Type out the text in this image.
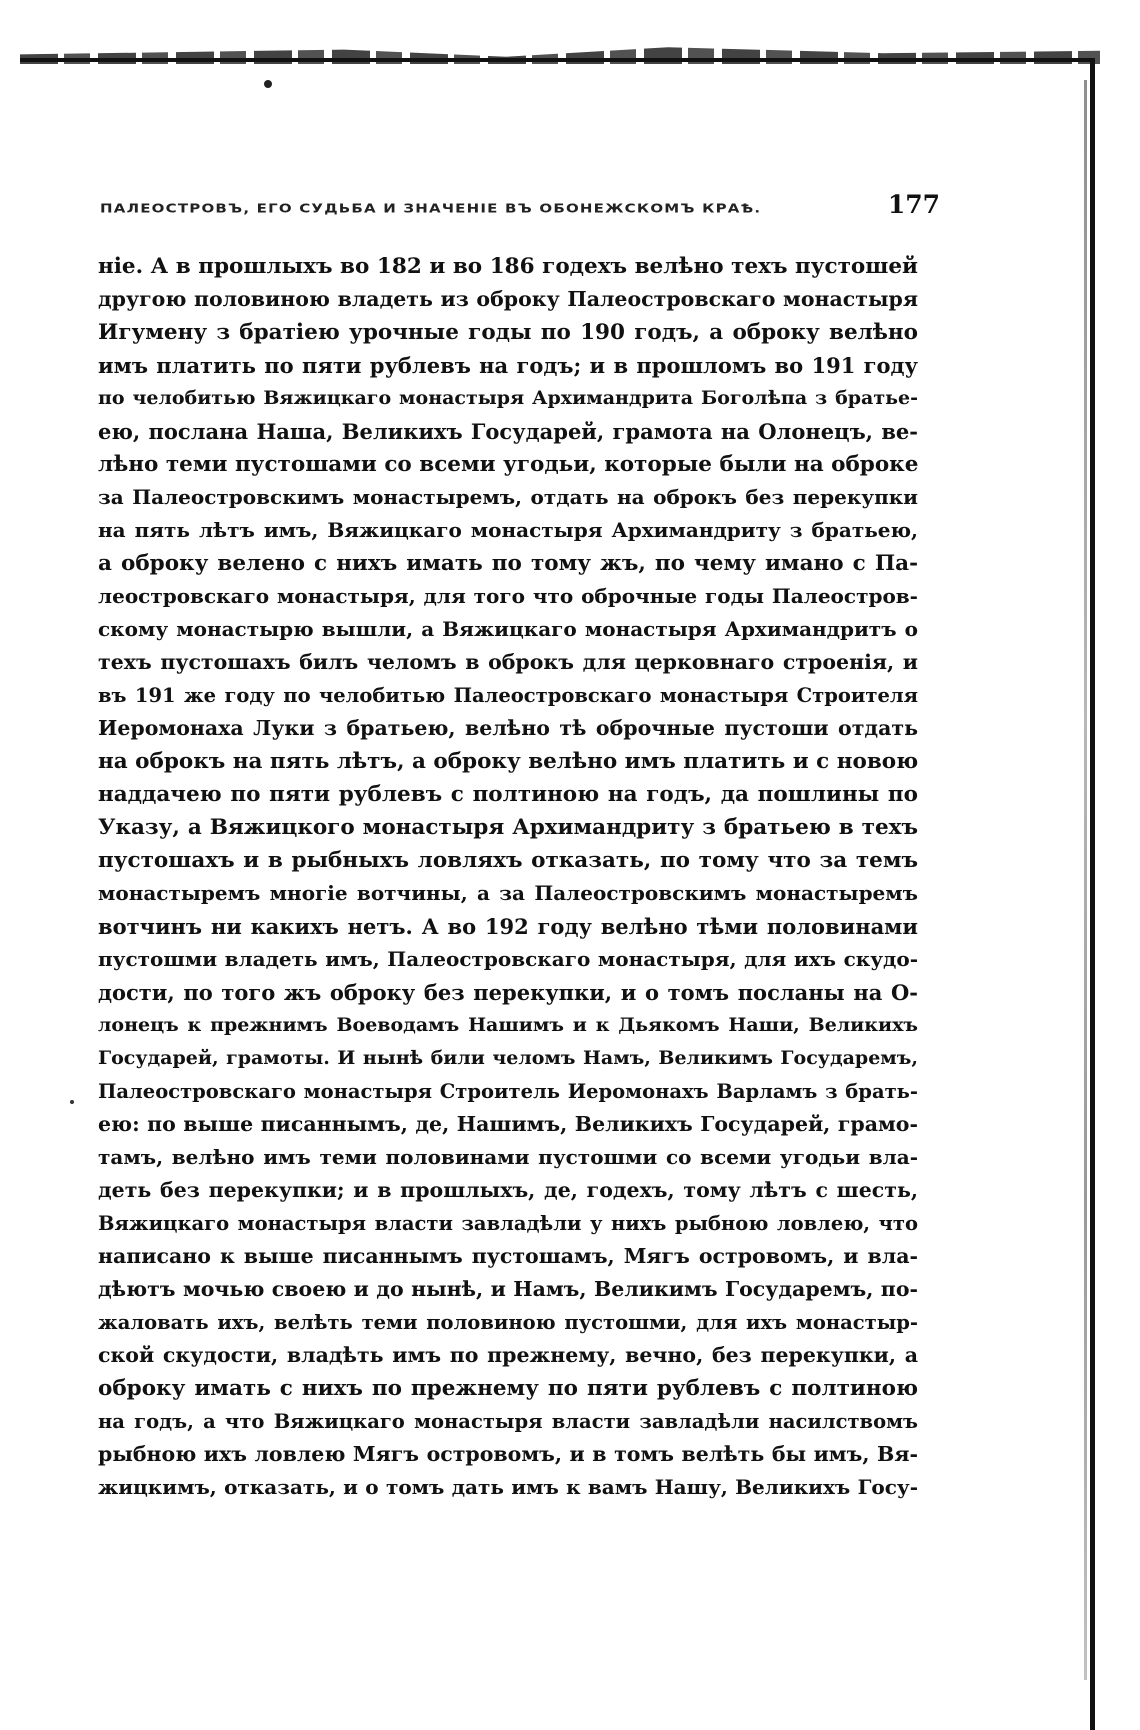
ПАЛЕОСТРОВЪ, ЕГО СУДЬБА И ЗНАЧЕНІЕ ВЪ ОБОНЕЖСКОМЪ КРАѢ.	177
ніе. А в прошлыхъ во 182 и во 186 годехъ велѣно техъ пустошей
другою половиною владеть из оброку Палеостровскаго монастыря
Игумену з братіею урочные годы по 190 годъ, а оброку велѣно
имъ платить по пяти рублевъ на годъ; и в прошломъ во 191 году
по челобитью Вяжицкаго монастыря Архимандрита Боголѣпа з братье-
ею, послана Наша, Великихъ Государей, грамота на Олонецъ, ве-
лѣно теми пустошами со всеми угодьи, которые были на оброке
за Палеостровскимъ монастыремъ, отдать на оброкъ без перекупки
на пять лѣтъ имъ, Вяжицкаго монастыря Архимандриту з братьею,
а оброку велено с нихъ имать по тому жъ, по чему имано с Па-
леостровскаго монастыря, для того что оброчные годы Палеостров-
скому монастырю вышли, а Вяжицкаго монастыря Архимандритъ о
техъ пустошахъ билъ челомъ в оброкъ для церковнаго строенія, и
въ 191 же году по челобитью Палеостровскаго монастыря Строителя
Иеромонаха Луки з братьею, велѣно тѣ оброчные пустоши отдать
на оброкъ на пять лѣтъ, а оброку велѣно имъ платить и с новою
наддачею по пяти рублевъ с полтиною на годъ, да пошлины по
Указу, а Вяжицкого монастыря Архимандриту з братьею в техъ
пустошахъ и в рыбныхъ ловляхъ отказать, по тому что за темъ
монастыремъ многіе вотчины, а за Палеостровскимъ монастыремъ
вотчинъ ни какихъ нетъ. А во 192 году велѣно тѣми половинами
пустошми владеть имъ, Палеостровскаго монастыря, для ихъ скудо-
дости, по того жъ оброку без перекупки, и о томъ посланы на О-
лонецъ к прежнимъ Воеводамъ Нашимъ и к Дьякомъ Наши, Великихъ
Государей, грамоты. И нынѣ били челомъ Намъ, Великимъ Государемъ,
Палеостровскаго монастыря Строитель Иеромонахъ Варламъ з брать-
ею: по выше писаннымъ, де, Нашимъ, Великихъ Государей, грамо-
тамъ, велѣно имъ теми половинами пустошми со всеми угодьи вла-
деть без перекупки; и в прошлыхъ, де, годехъ, тому лѣтъ с шесть,
Вяжицкаго монастыря власти завладѣли у нихъ рыбною ловлею, что
написано к выше писаннымъ пустошамъ, Мягъ островомъ, и вла-
дѣютъ мочью своею и до нынѣ, и Намъ, Великимъ Государемъ, по-
жаловать ихъ, велѣть теми половиною пустошми, для ихъ монастыр-
ской скудости, владѣть имъ по прежнему, вечно, без перекупки, а
оброку имать с нихъ по прежнему по пяти рублевъ с полтиною
на годъ, а что Вяжицкаго монастыря власти завладѣли насилствомъ
рыбною ихъ ловлею Мягъ островомъ, и в томъ велѣть бы имъ, Вя-
жицкимъ, отказать, и о томъ дать имъ к вамъ Нашу, Великихъ Госу-
